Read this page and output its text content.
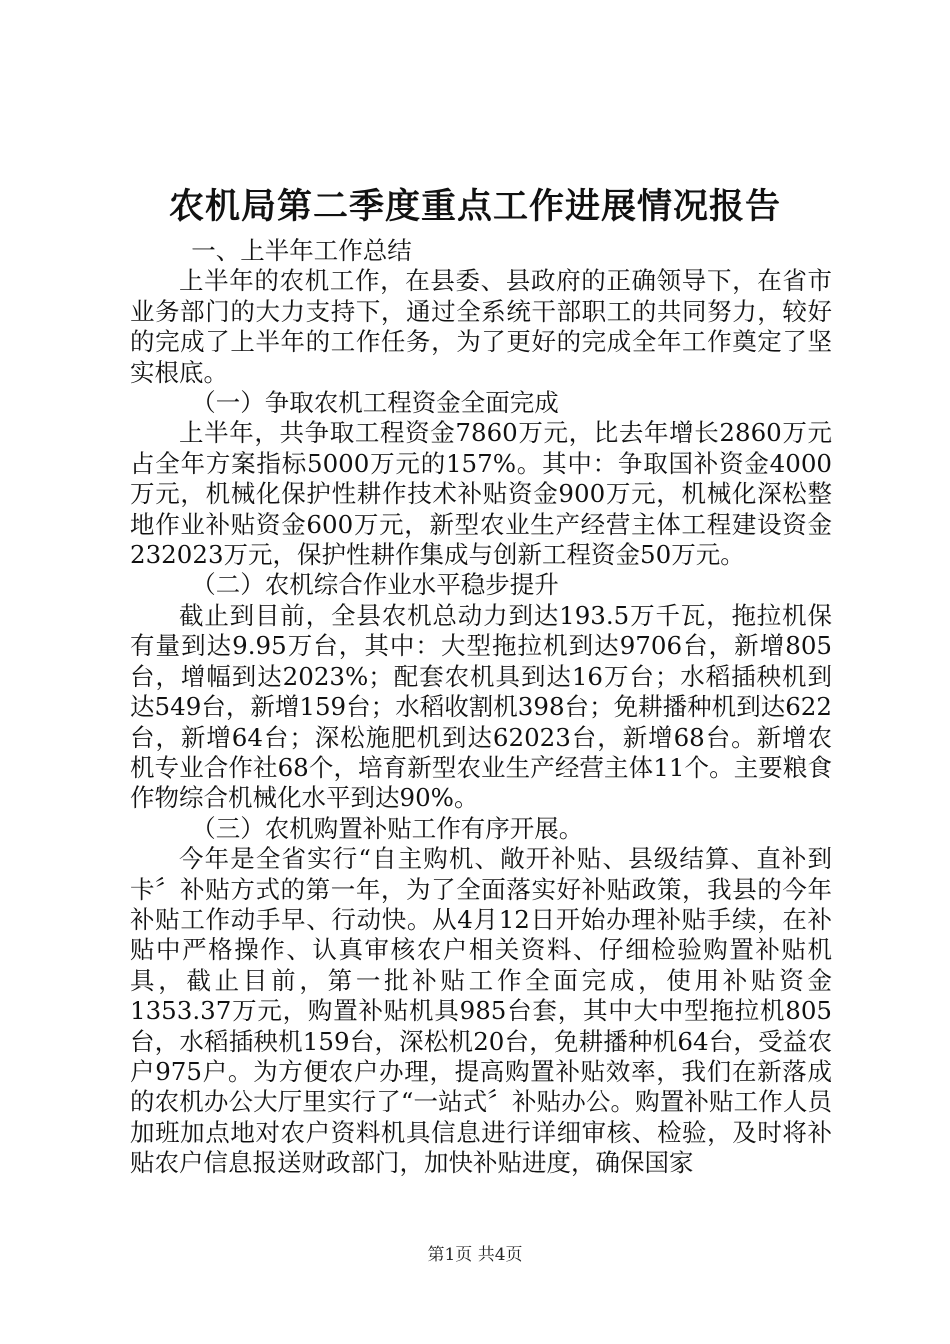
农机局第二季度重点工作进展情况报告

一、上半年工作总结

上半年的农机工作，在县委、县政府的正确领导下，在省市业务部门的大力支持下，通过全系统干部职工的共同努力，较好的完成了上半年的工作任务，为了更好的完成全年工作奠定了坚实根底。

（一）争取农机工程资金全面完成

上半年，共争取工程资金7860万元，比去年增长2860万元占全年方案指标5000万元的157%。其中：争取国补资金4000万元，机械化保护性耕作技术补贴资金900万元，机械化深松整地作业补贴资金600万元，新型农业生产经营主体工程建设资金232023万元，保护性耕作集成与创新工程资金50万元。

（二）农机综合作业水平稳步提升

截止到目前，全县农机总动力到达193.5万千瓦，拖拉机保有量到达9.95万台，其中：大型拖拉机到达9706台，新增805台，增幅到达2023%；配套农机具到达16万台；水稻插秧机到达549台，新增159台；水稻收割机398台；免耕播种机到达622台，新增64台；深松施肥机到达62023台，新增68台。新增农机专业合作社68个，培育新型农业生产经营主体11个。主要粮食作物综合机械化水平到达90%。

（三）农机购置补贴工作有序开展。

今年是全省实行“自主购机、敞开补贴、县级结算、直补到卡〞补贴方式的第一年，为了全面落实好补贴政策，我县的今年补贴工作动手早、行动快。从4月12日开始办理补贴手续，在补贴中严格操作、认真审核农户相关资料、仔细检验购置补贴机具，截止目前，第一批补贴工作全面完成，使用补贴资金1353.37万元，购置补贴机具985台套，其中大中型拖拉机805台，水稻插秧机159台，深松机20台，免耕播种机64台，受益农户975户。为方便农户办理，提高购置补贴效率，我们在新落成的农机办公大厅里实行了“一站式〞补贴办公。购置补贴工作人员加班加点地对农户资料机具信息进行详细审核、检验，及时将补贴农户信息报送财政部门，加快补贴进度，确保国家

第1页 共4页
